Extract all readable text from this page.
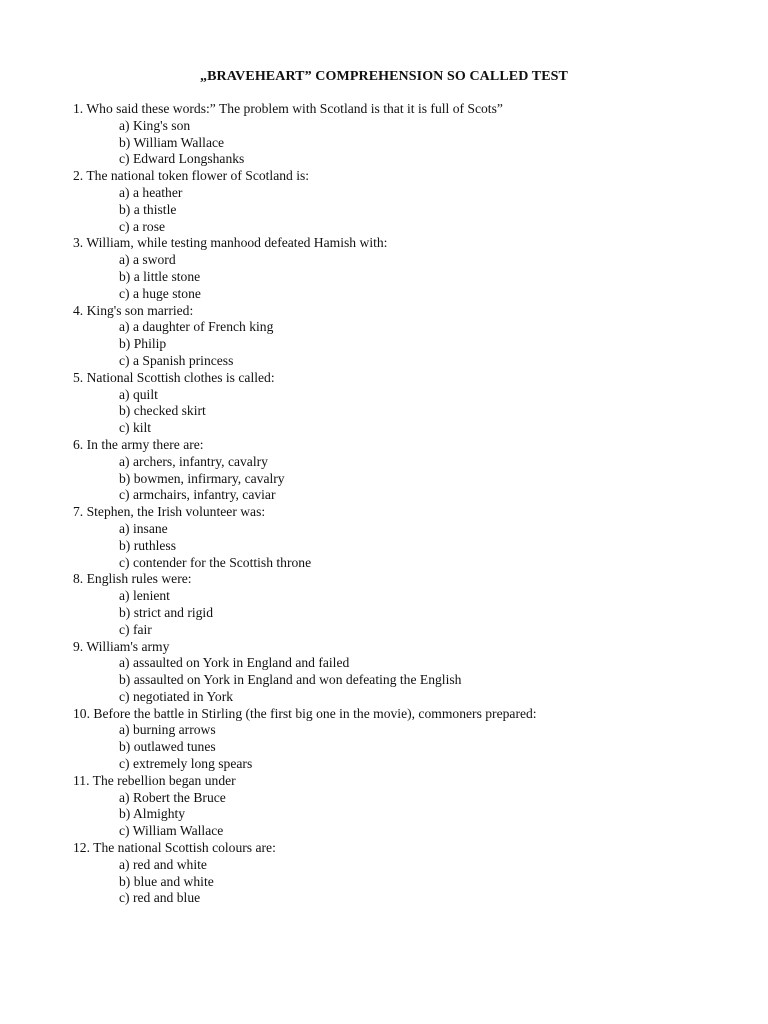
„BRAVEHEART” COMPREHENSION SO CALLED TEST
1. Who said these words:” The problem with Scotland is that it is full of Scots”
a) King's son
b) William Wallace
c) Edward Longshanks
2. The national token flower of Scotland is:
a) a heather
b) a thistle
c) a rose
3. William, while testing manhood defeated Hamish with:
a) a sword
b) a little stone
c) a huge stone
4. King's son married:
a) a daughter of French king
b) Philip
c) a Spanish princess
5. National Scottish clothes is called:
a) quilt
b) checked skirt
c) kilt
6. In the army there are:
a) archers, infantry, cavalry
b) bowmen, infirmary, cavalry
c) armchairs, infantry, caviar
7. Stephen, the Irish volunteer was:
a) insane
b) ruthless
c) contender for the Scottish throne
8. English rules were:
a) lenient
b) strict and rigid
c) fair
9. William's army
a) assaulted on York in England and failed
b) assaulted on York in England and won defeating the English
c) negotiated in York
10. Before the battle in Stirling (the first big one in the movie), commoners prepared:
a) burning arrows
b) outlawed tunes
c) extremely long spears
11. The rebellion began under
a) Robert the Bruce
b) Almighty
c) William Wallace
12. The national Scottish colours are:
a) red and white
b) blue and white
c) red and blue
